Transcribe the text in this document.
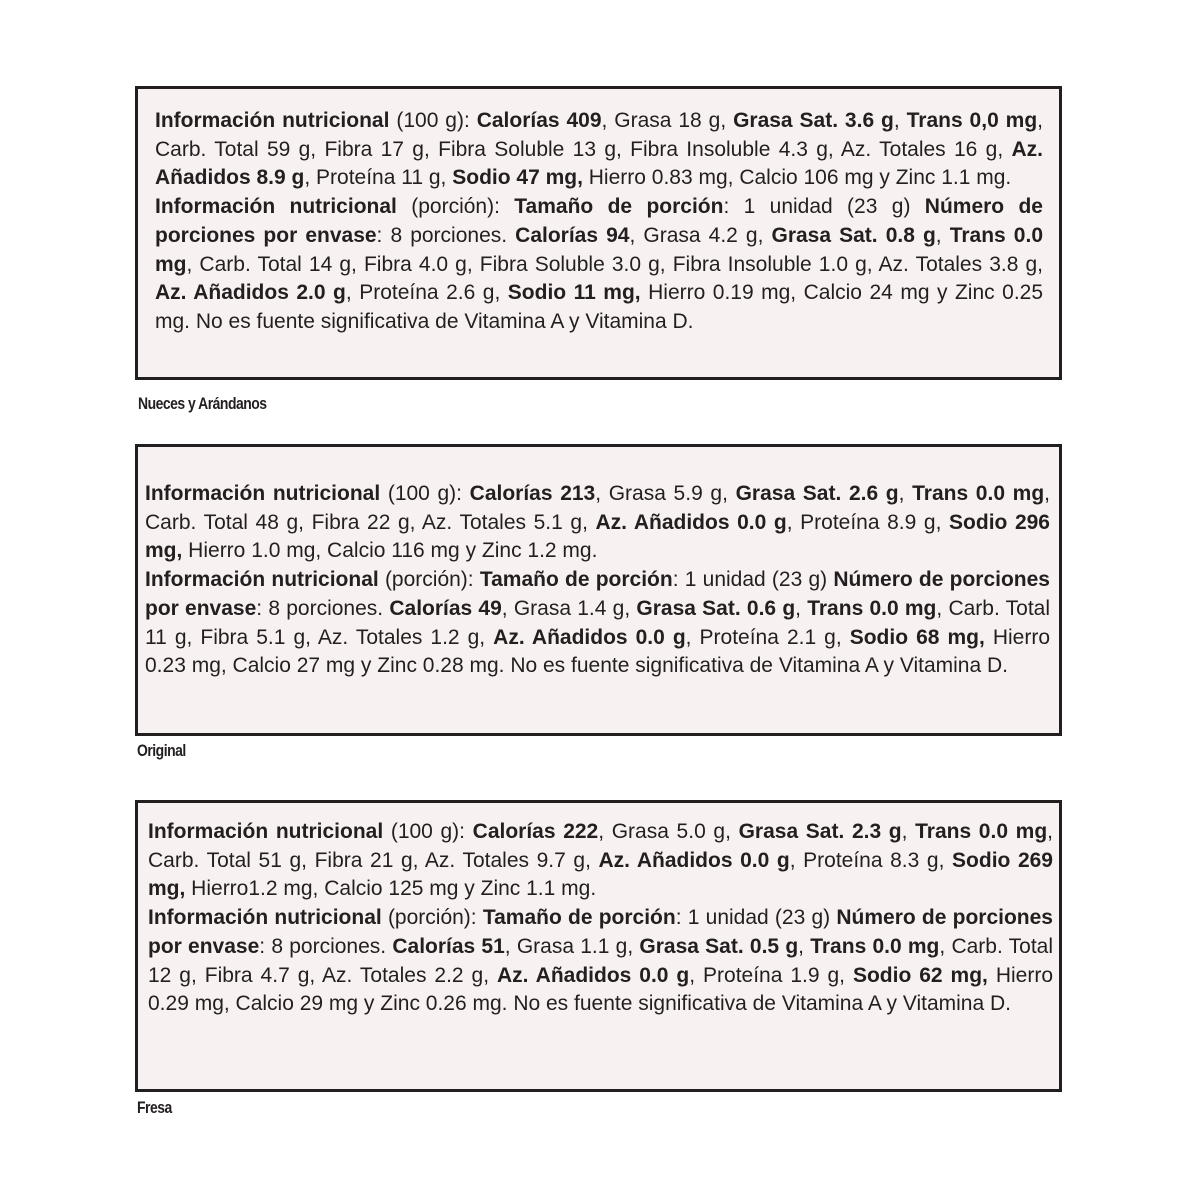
Información nutricional (100 g): Calorías 409, Grasa 18 g, Grasa Sat. 3.6 g, Trans 0,0 mg, Carb. Total 59 g, Fibra 17 g, Fibra Soluble 13 g, Fibra Insoluble 4.3 g, Az. Totales 16 g, Az. Añadidos 8.9 g, Proteína 11 g, Sodio 47 mg, Hierro 0.83 mg, Calcio 106 mg y Zinc 1.1 mg.

Información nutricional (porción): Tamaño de porción: 1 unidad (23 g) Número de porciones por envase: 8 porciones. Calorías 94, Grasa 4.2 g, Grasa Sat. 0.8 g, Trans 0.0 mg, Carb. Total 14 g, Fibra 4.0 g, Fibra Soluble 3.0 g, Fibra Insoluble 1.0 g, Az. Totales 3.8 g, Az. Añadidos 2.0 g, Proteína 2.6 g, Sodio 11 mg, Hierro 0.19 mg, Calcio 24 mg y Zinc 0.25 mg. No es fuente significativa de Vitamina A y Vitamina D.

Nueces y Arándanos

Información nutricional (100 g): Calorías 213, Grasa 5.9 g, Grasa Sat. 2.6 g, Trans 0.0 mg, Carb. Total 48 g, Fibra 22 g, Az. Totales 5.1 g, Az. Añadidos 0.0 g, Proteína 8.9 g, Sodio 296 mg, Hierro 1.0 mg, Calcio 116 mg y Zinc 1.2 mg.

Información nutricional (porción): Tamaño de porción: 1 unidad (23 g) Número de porciones por envase: 8 porciones. Calorías 49, Grasa 1.4 g, Grasa Sat. 0.6 g, Trans 0.0 mg, Carb. Total 11 g, Fibra 5.1 g, Az. Totales 1.2 g, Az. Añadidos 0.0 g, Proteína 2.1 g, Sodio 68 mg, Hierro 0.23 mg, Calcio 27 mg y Zinc 0.28 mg. No es fuente significativa de Vitamina A y Vitamina D.

Original

Información nutricional (100 g): Calorías 222, Grasa 5.0 g, Grasa Sat. 2.3 g, Trans 0.0 mg, Carb. Total 51 g, Fibra 21 g, Az. Totales 9.7 g, Az. Añadidos 0.0 g, Proteína 8.3 g, Sodio 269 mg, Hierro1.2 mg, Calcio 125 mg y Zinc 1.1 mg.

Información nutricional (porción): Tamaño de porción: 1 unidad (23 g) Número de porciones por envase: 8 porciones. Calorías 51, Grasa 1.1 g, Grasa Sat. 0.5 g, Trans 0.0 mg, Carb. Total 12 g, Fibra 4.7 g, Az. Totales 2.2 g, Az. Añadidos 0.0 g, Proteína 1.9 g, Sodio 62 mg, Hierro 0.29 mg, Calcio 29 mg y Zinc 0.26 mg. No es fuente significativa de Vitamina A y Vitamina D.

Fresa
